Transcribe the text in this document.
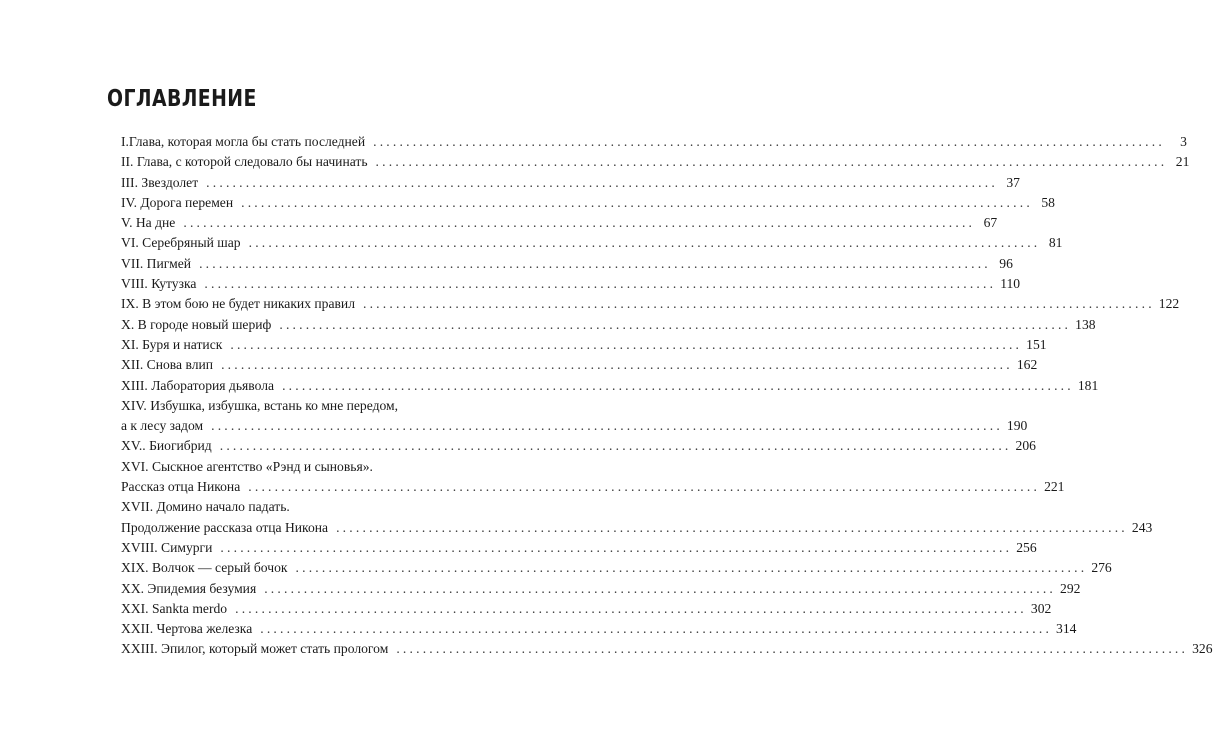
ОГЛАВЛЕНИЕ
I.Глава, которая могла бы стать последней ........................................................................................................................	3
II. Глава, с которой следовало бы начинать ........................................................................................................................ 21
III. Звездолет ........................................................................................................................ 37
IV. Дорога перемен ........................................................................................................................ 58
V. На дне ........................................................................................................................ 67
VI. Серебряный шар ........................................................................................................................ 81
VII. Пигмей ........................................................................................................................ 96
VIII. Кутузка ........................................................................................................................ 110
IX. В этом бою не будет никаких правил ........................................................................................................................ 122
X. В городе новый шериф ........................................................................................................................ 138
XI. Буря и натиск ........................................................................................................................ 151
XII. Снова влип ........................................................................................................................ 162
XIII. Лаборатория дьявола ........................................................................................................................ 181
XIV. Избушка, избушка, встань ко мне передом,
а к лесу задом ........................................................................................................................ 190
XV.. Биогибрид ........................................................................................................................ 206
XVI. Сыскное агентство «Рэнд и сыновья».
Рассказ отца Никона ........................................................................................................................ 221
XVII. Домино начало падать.
Продолжение рассказа отца Никона ........................................................................................................................ 243
XVIII. Симурги ........................................................................................................................ 256
XIX. Волчок — серый бочок ........................................................................................................................ 276
XX. Эпидемия безумия ........................................................................................................................ 292
XXI. Sankta merdo ........................................................................................................................ 302
XXII. Чертова железка ........................................................................................................................ 314
XXIII. Эпилог, который может стать прологом ........................................................................................................................ 326
